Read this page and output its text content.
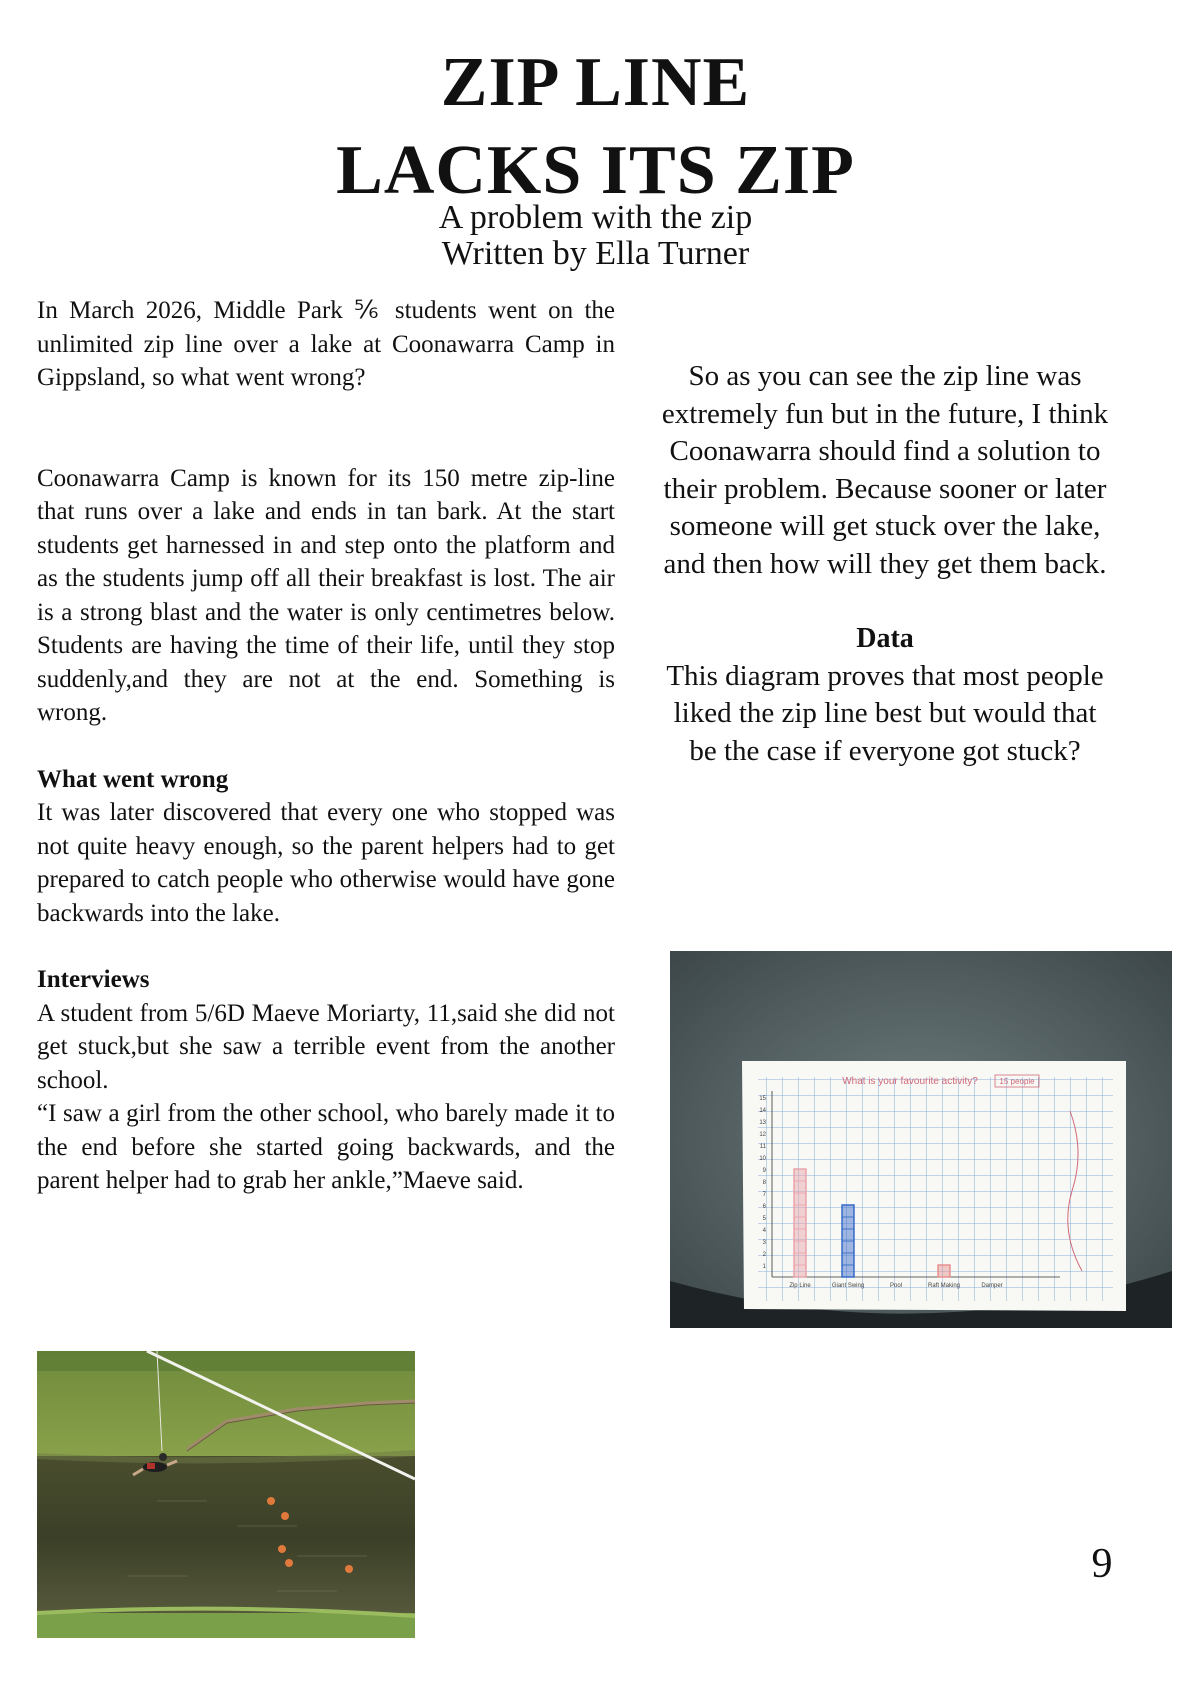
ZIP LINE
LACKS ITS ZIP

A problem with the zip

Written by Ella Turner

In March 2026, Middle Park ⅚ students went on the unlimited zip line over a lake at Coonawarra Camp in Gippsland, so what went wrong?

Coonawarra Camp is known for its 150 metre zip-line that runs over a lake and ends in tan bark. At the start students get harnessed in and step onto the platform and as the students jump off all their breakfast is lost. The air is a strong blast and the water is only centimetres below. Students are having the time of their life, until they stop suddenly,and they are not at the end. Something is wrong.

What went wrong

It was later discovered that every one who stopped was not quite heavy enough, so the parent helpers had to get prepared to catch people who otherwise would have gone backwards into the lake.

Interviews

A student from 5/6D Maeve Moriarty, 11,said she did not get stuck,but she saw a terrible event from the another school.

“I saw a girl from the other school, who barely made it to the end before she started going backwards, and the parent helper had to grab her ankle,”Maeve said.

So as you can see the zip line was extremely fun but in the future, I think Coonawarra should find a solution to their problem. Because sooner or later someone will get stuck over the lake, and then how will they get them back.

Data

This diagram proves that most people liked the zip line best but would that be the case if everyone got stuck?

What is your favourite activity?	15 people
1
2
3
4
5
6
7
8
9
10
11
12
13
14
15
Zip Line	Giant Swing	Pool	Raft Making	Damper
9
